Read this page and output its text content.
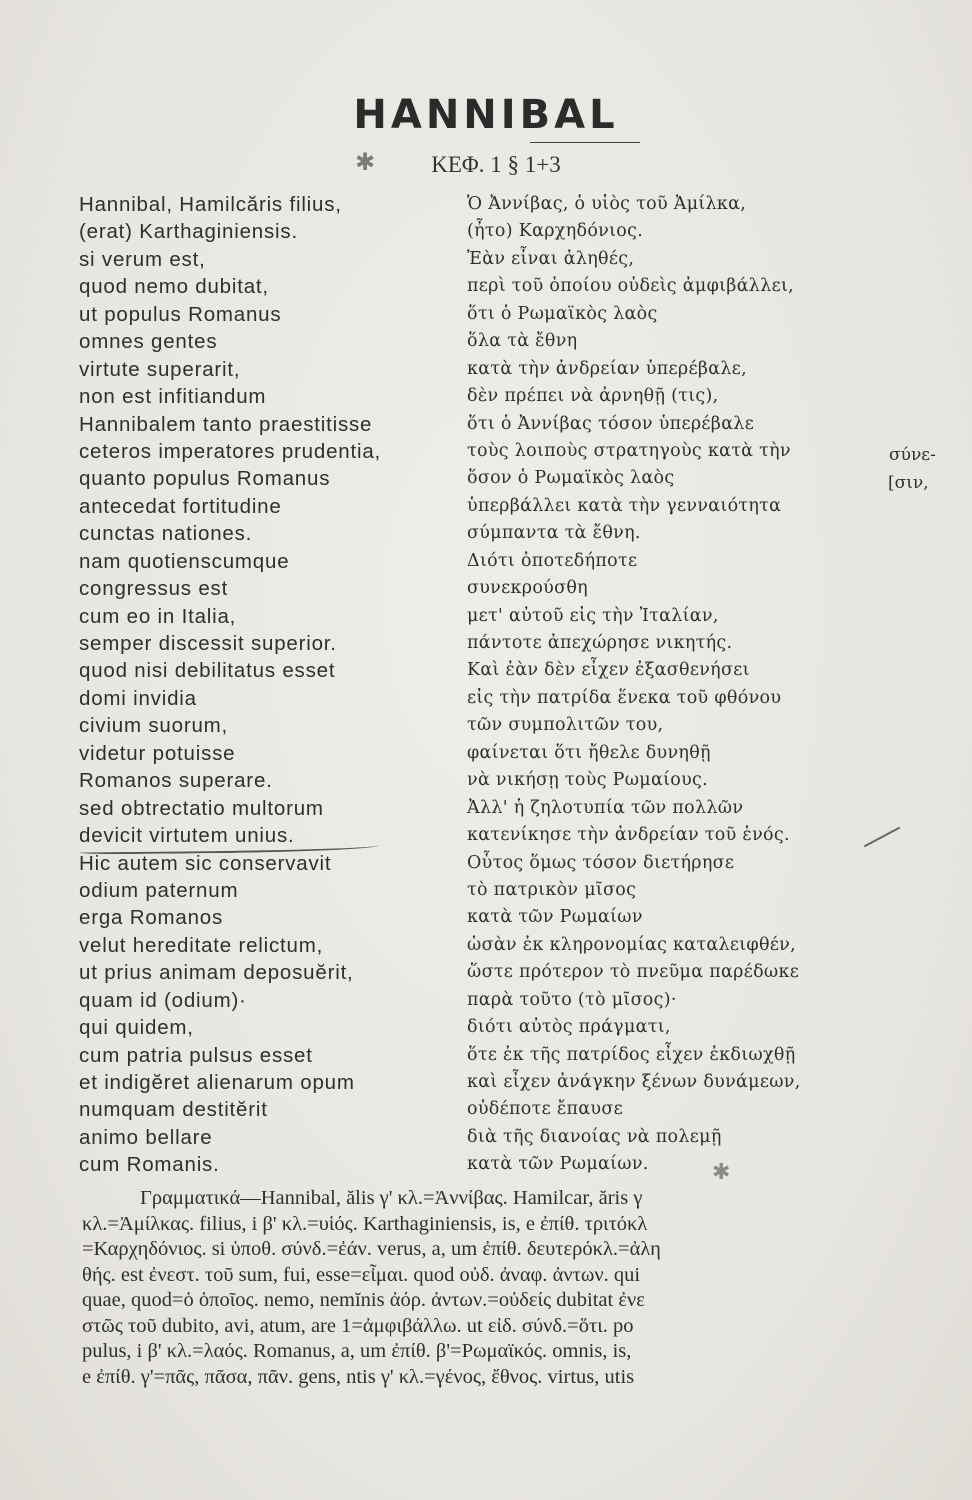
HANNIBAL
✱	ΚΕΦ. 1 § 1+3
Hannibal, Hamilcăris filius,
(erat) Karthaginiensis.
si verum est,
quod nemo dubitat,
ut populus Romanus
omnes gentes
virtute superarit,
non est infitiandum
Hannibalem tanto praestitisse
ceteros imperatores prudentia,
quanto populus Romanus
antecedat fortitudine
cunctas nationes.
nam quotienscumque
congressus est
cum eo in Italia,
semper discessit superior.
quod nisi debilitatus esset
domi invidia
civium suorum,
videtur potuisse
Romanos superare.
sed obtrectatio multorum
devicit virtutem unius.
Hic autem sic conservavit
odium paternum
erga Romanos
velut hereditate relictum,
ut prius animam deposuĕrit,
quam id (odium)·
qui quidem,
cum patria pulsus esset
et indigĕret alienarum opum
numquam destitĕrit
animo bellare
cum Romanis.
Ὁ Ἀννίβας, ὁ υἱὸς τοῦ Ἀμίλκα,
(ἦτο) Καρχηδόνιος.
Ἐὰν εἶναι ἀληθές,
περὶ τοῦ ὁποίου οὐδεὶς ἀμφιβάλλει,
ὅτι ὁ Ρωμαϊκὸς λαὸς
ὅλα τὰ ἔθνη
κατὰ τὴν ἀνδρείαν ὑπερέβαλε,
δὲν πρέπει νὰ ἀρνηθῇ (τις),
ὅτι ὁ Ἀννίβας τόσον ὑπερέβαλε
τοὺς λοιποὺς στρατηγοὺς κατὰ τὴν
ὅσον ὁ Ρωμαϊκὸς λαὸς
ὑπερβάλλει κατὰ τὴν γενναιότητα
σύμπαντα τὰ ἔθνη.
Διότι ὁποτεδήποτε
συνεκρούσθη
μετ' αὐτοῦ εἰς τὴν Ἰταλίαν,
πάντοτε ἀπεχώρησε νικητής.
Καὶ ἐὰν δὲν εἶχεν ἐξασθενήσει
εἰς τὴν πατρίδα ἕνεκα τοῦ φθόνου
τῶν συμπολιτῶν του,
φαίνεται ὅτι ἤθελε δυνηθῇ
νὰ νικήσῃ τοὺς Ρωμαίους.
Ἀλλ' ἡ ζηλοτυπία τῶν πολλῶν
κατενίκησε τὴν ἀνδρείαν τοῦ ἑνός.
Οὗτος ὅμως τόσον διετήρησε
τὸ πατρικὸν μῖσος
κατὰ τῶν Ρωμαίων
ὡσὰν ἐκ κληρονομίας καταλειφθέν,
ὥστε πρότερον τὸ πνεῦμα παρέδωκε
παρὰ τοῦτο (τὸ μῖσος)·
διότι αὐτὸς πράγματι,
ὅτε ἐκ τῆς πατρίδος εἶχεν ἐκδιωχθῇ
καὶ εἶχεν ἀνάγκην ξένων δυνάμεων,
οὐδέποτε ἔπαυσε
διὰ τῆς διανοίας νὰ πολεμῇ
κατὰ τῶν Ρωμαίων.
σύνε-
[σιν,
✱
Γραμματικά—Hannibal, ălis γ' κλ.=Ἀννίβας. Hamilcar, ăris γ
κλ.=Ἀμίλκας. filius, i β' κλ.=υἱός. Karthaginiensis, is, e ἐπίθ. τριτόκλ
=Καρχηδόνιος. si ὑποθ. σύνδ.=ἐάν. verus, a, um ἐπίθ. δευτερόκλ.=ἀλη
θής. est ἐνεστ. τοῦ sum, fui, esse=εἶμαι. quod οὐδ. ἀναφ. ἀντων. qui
quae, quod=ὁ ὁποῖος. nemo, nemĭnis ἀόρ. ἀντων.=οὐδείς dubitat ἐνε
στῶς τοῦ dubito, avi, atum, are 1=ἀμφιβάλλω. ut εἰδ. σύνδ.=ὅτι. po
pulus, i β' κλ.=λαός. Romanus, a, um ἐπίθ. β'=Ρωμαϊκός. omnis, is,
e ἐπίθ. γ'=πᾶς, πᾶσα, πᾶν. gens, ntis γ' κλ.=γένος, ἔθνος. virtus, utis
